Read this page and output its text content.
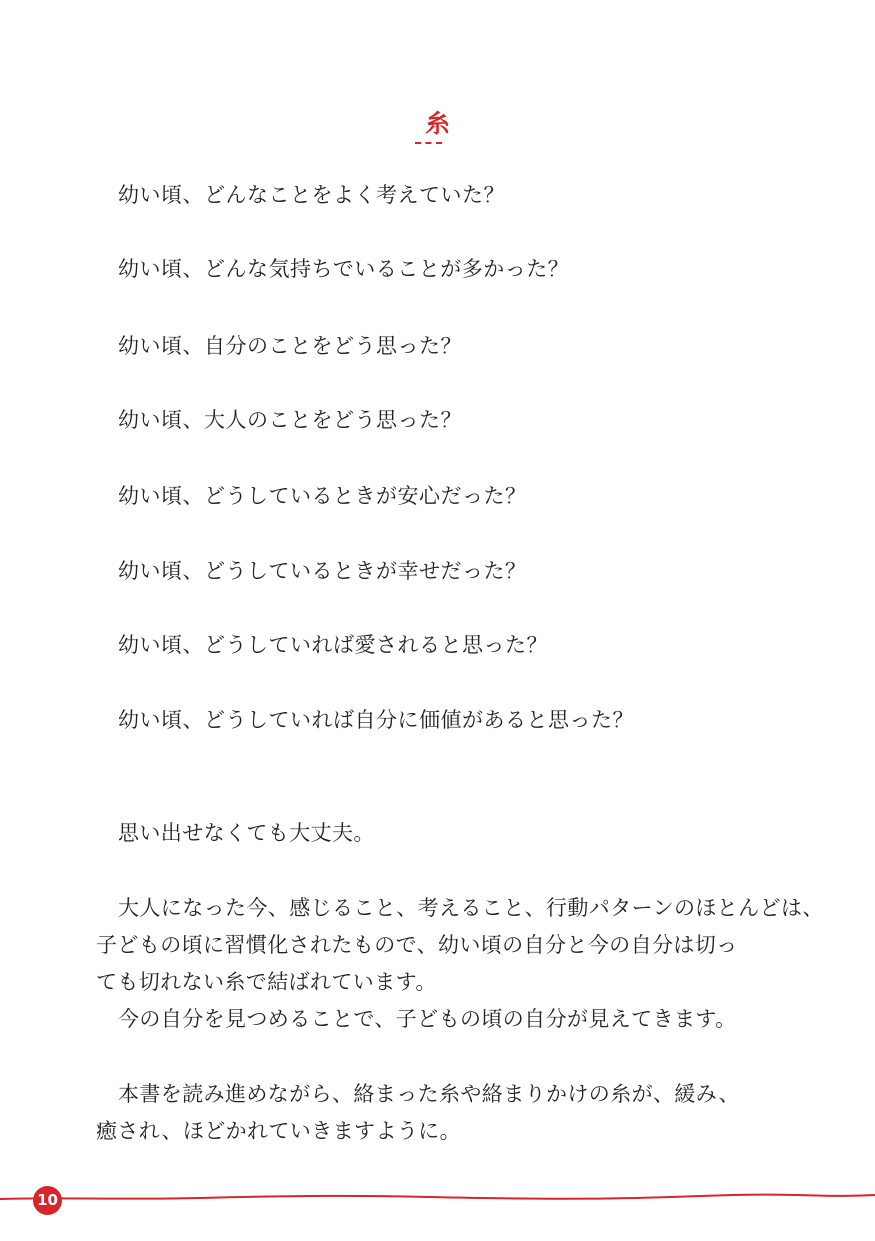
糸
幼い頃、どんなことをよく考えていた？
幼い頃、どんな気持ちでいることが多かった？
幼い頃、自分のことをどう思った？
幼い頃、大人のことをどう思った？
幼い頃、どうしているときが安心だった？
幼い頃、どうしているときが幸せだった？
幼い頃、どうしていれば愛されると思った？
幼い頃、どうしていれば自分に価値があると思った？
思い出せなくても大丈夫。
大人になった今、感じること、考えること、行動パターンのほとんどは、
子どもの頃に習慣化されたもので、幼い頃の自分と今の自分は切っ
ても切れない糸で結ばれています。
今の自分を見つめることで、子どもの頃の自分が見えてきます。
本書を読み進めながら、絡まった糸や絡まりかけの糸が、緩み、
癒され、ほどかれていきますように。
10
